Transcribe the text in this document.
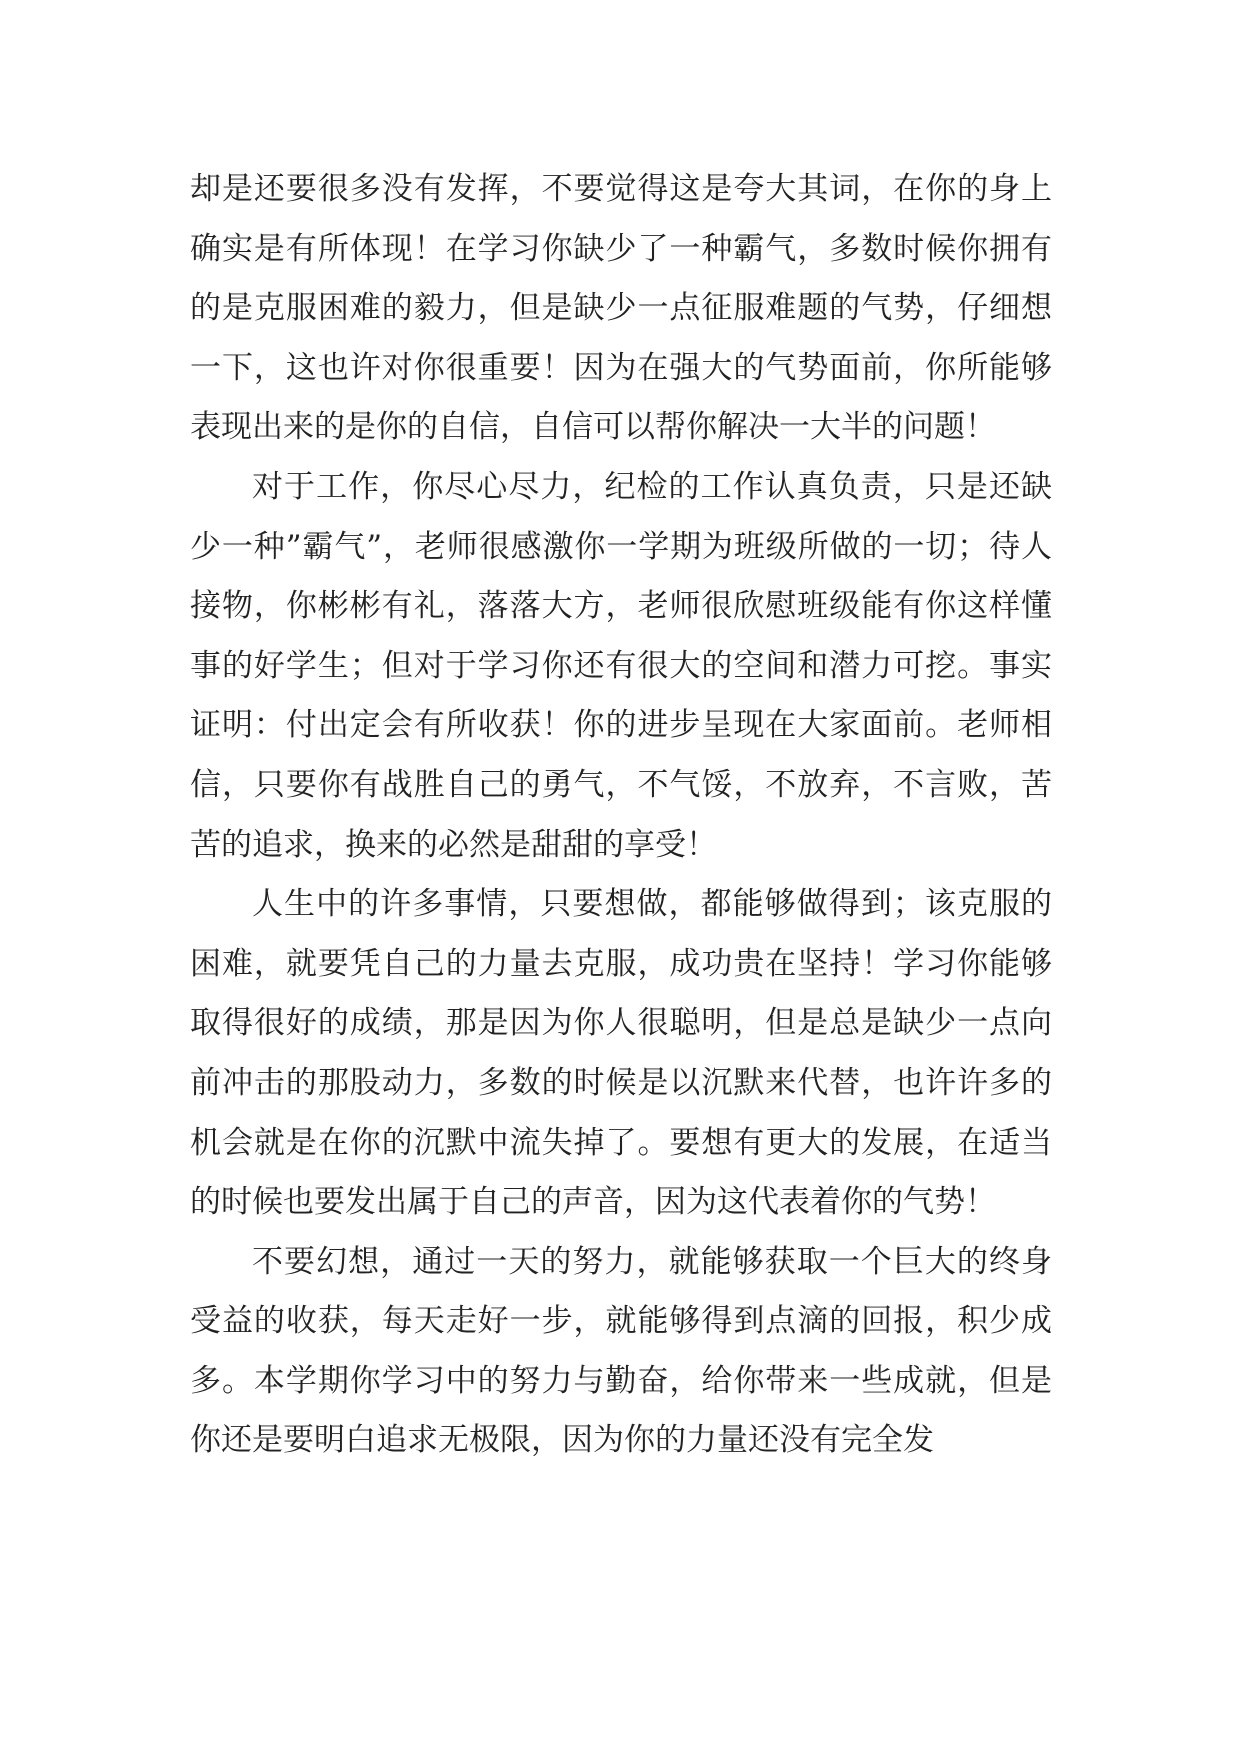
却是还要很多没有发挥，不要觉得这是夸大其词，在你的身上确实是有所体现！在学习你缺少了一种霸气，多数时候你拥有的是克服困难的毅力，但是缺少一点征服难题的气势，仔细想一下，这也许对你很重要！因为在强大的气势面前，你所能够表现出来的是你的自信，自信可以帮你解决一大半的问题！

对于工作，你尽心尽力，纪检的工作认真负责，只是还缺少一种”霸气”，老师很感激你一学期为班级所做的一切；待人接物，你彬彬有礼，落落大方，老师很欣慰班级能有你这样懂事的好学生；但对于学习你还有很大的空间和潜力可挖。事实证明：付出定会有所收获！你的进步呈现在大家面前。老师相信，只要你有战胜自己的勇气，不气馁，不放弃，不言败，苦苦的追求，换来的必然是甜甜的享受！

人生中的许多事情，只要想做，都能够做得到；该克服的困难，就要凭自己的力量去克服，成功贵在坚持！学习你能够取得很好的成绩，那是因为你人很聪明，但是总是缺少一点向前冲击的那股动力，多数的时候是以沉默来代替，也许许多的机会就是在你的沉默中流失掉了。要想有更大的发展，在适当的时候也要发出属于自己的声音，因为这代表着你的气势！

不要幻想，通过一天的努力，就能够获取一个巨大的终身受益的收获，每天走好一步，就能够得到点滴的回报，积少成多。本学期你学习中的努力与勤奋，给你带来一些成就，但是你还是要明白追求无极限，因为你的力量还没有完全发
